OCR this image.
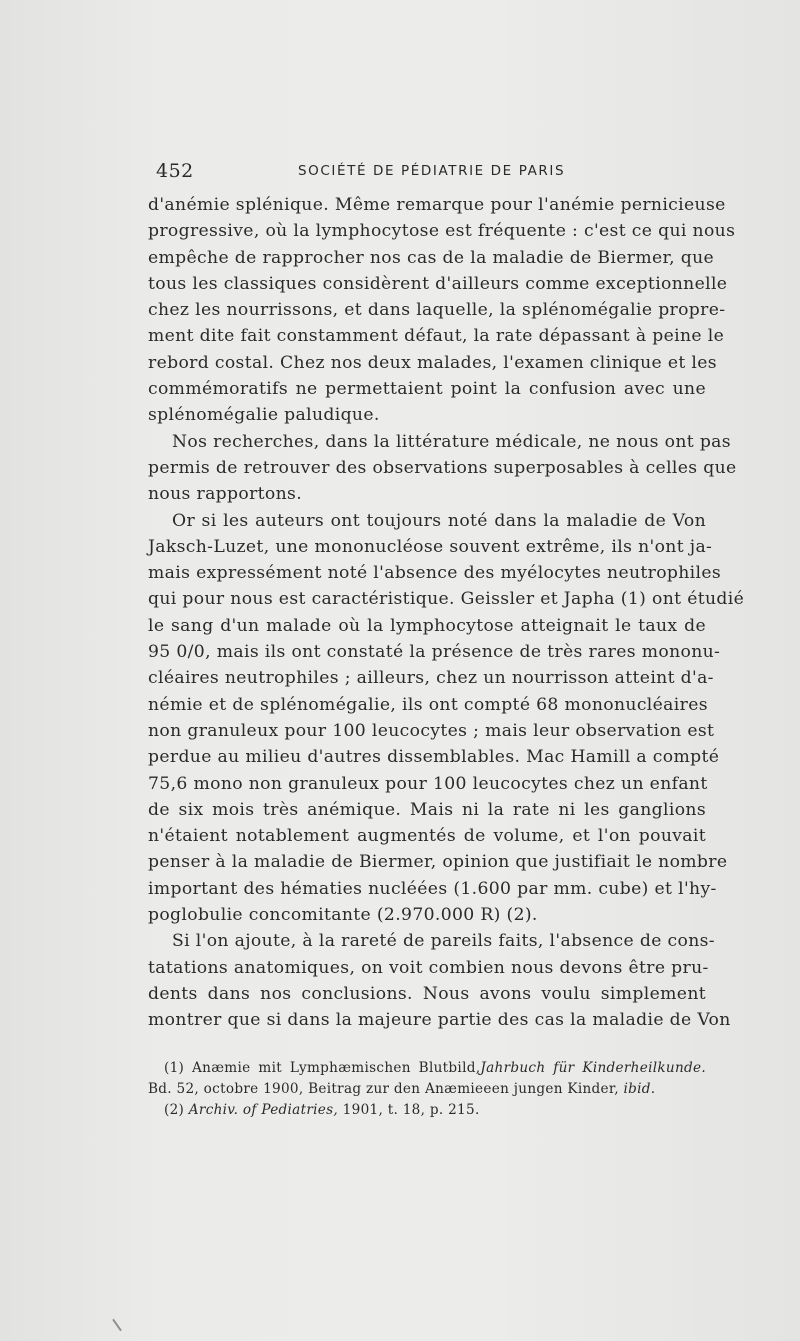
452	SOCIÉTÉ DE PÉDIATRIE DE PARIS
d'anémie splénique. Même remarque pour l'anémie pernicieuse
progressive, où la lymphocytose est fréquente : c'est ce qui nous
empêche de rapprocher nos cas de la maladie de Biermer, que
tous les classiques considèrent d'ailleurs comme exceptionnelle
chez les nourrissons, et dans laquelle, la splénomégalie propre-
ment dite fait constamment défaut, la rate dépassant à peine le
rebord costal. Chez nos deux malades, l'examen clinique et les
commémoratifs ne permettaient point la confusion avec une
splénomégalie paludique.
Nos recherches, dans la littérature médicale, ne nous ont pas
permis de retrouver des observations superposables à celles que
nous rapportons.
Or si les auteurs ont toujours noté dans la maladie de Von
Jaksch-Luzet, une mononucléose souvent extrême, ils n'ont ja-
mais expressément noté l'absence des myélocytes neutrophiles
qui pour nous est caractéristique. Geissler et Japha (1) ont étudié
le sang d'un malade où la lymphocytose atteignait le taux de
95 0/0, mais ils ont constaté la présence de très rares mononu-
cléaires neutrophiles ; ailleurs, chez un nourrisson atteint d'a-
némie et de splénomégalie, ils ont compté 68 mononucléaires
non granuleux pour 100 leucocytes ; mais leur observation est
perdue au milieu d'autres dissemblables. Mac Hamill a compté
75,6 mono non granuleux pour 100 leucocytes chez un enfant
de six mois très anémique. Mais ni la rate ni les ganglions
n'étaient notablement augmentés de volume, et l'on pouvait
penser à la maladie de Biermer, opinion que justifiait le nombre
important des hématies nucléées (1.600 par mm. cube) et l'hy-
poglobulie concomitante (2.970.000 R) (2).
Si l'on ajoute, à la rareté de pareils faits, l'absence de cons-
tatations anatomiques, on voit combien nous devons être pru-
dents dans nos conclusions. Nous avons voulu simplement
montrer que si dans la majeure partie des cas la maladie de Von
(1) Anæmie mit Lymphæmischen Blutbild,Jahrbuch für Kinderheilkunde.
Bd. 52, octobre 1900, Beitrag zur den Anæmieeen jungen Kinder, ibid.
(2) Archiv. of Pediatries, 1901, t. 18, p. 215.
